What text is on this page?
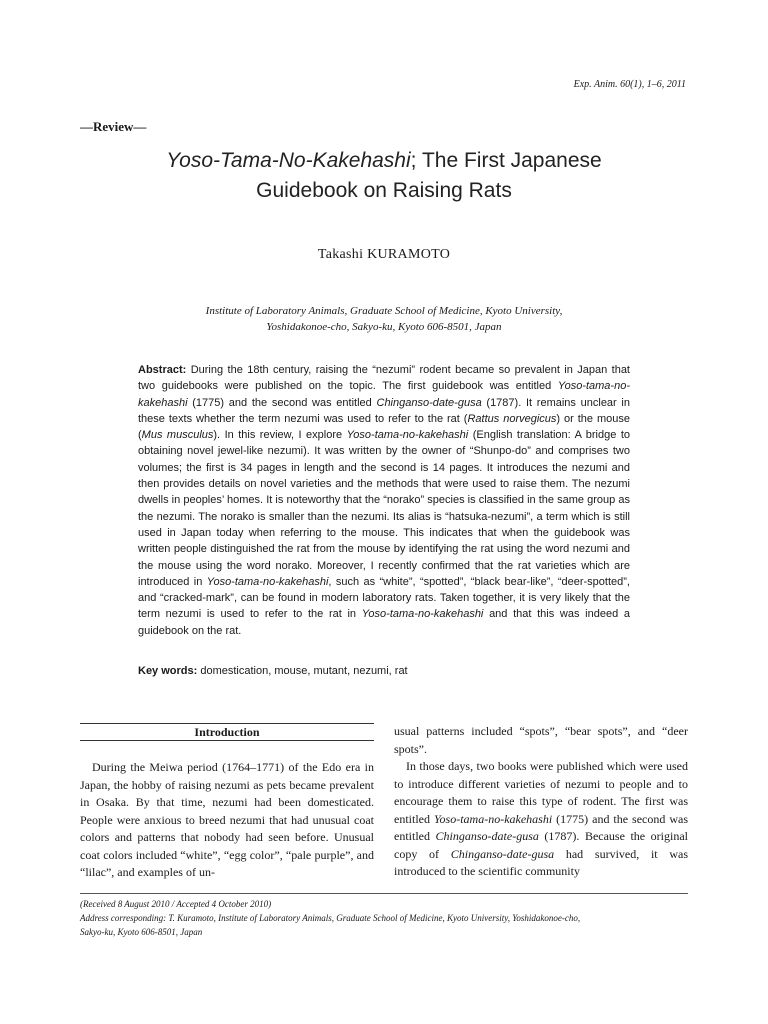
Exp. Anim. 60(1), 1–6, 2011
—Review—
Yoso-Tama-No-Kakehashi; The First Japanese
Guidebook on Raising Rats
Takashi KURAMOTO
Institute of Laboratory Animals, Graduate School of Medicine, Kyoto University,
Yoshidakonoe-cho, Sakyo-ku, Kyoto 606-8501, Japan
Abstract: During the 18th century, raising the “nezumi” rodent became so prevalent in Japan that two guidebooks were published on the topic. The first guidebook was entitled Yoso-tama-no-kakehashi (1775) and the second was entitled Chinganso-date-gusa (1787). It remains unclear in these texts whether the term nezumi was used to refer to the rat (Rattus norvegicus) or the mouse (Mus musculus). In this review, I explore Yoso-tama-no-kakehashi (English translation: A bridge to obtaining novel jewel-like nezumi). It was written by the owner of “Shunpo-do” and comprises two volumes; the first is 34 pages in length and the second is 14 pages. It introduces the nezumi and then provides details on novel varieties and the methods that were used to raise them. The nezumi dwells in peoples’ homes. It is noteworthy that the “norako” species is classified in the same group as the nezumi. The norako is smaller than the nezumi. Its alias is “hatsuka-nezumi”, a term which is still used in Japan today when referring to the mouse. This indicates that when the guidebook was written people distinguished the rat from the mouse by identifying the rat using the word nezumi and the mouse using the word norako. Moreover, I recently confirmed that the rat varieties which are introduced in Yoso-tama-no-kakehashi, such as “white”, “spotted”, “black bear-like”, “deer-spotted”, and “cracked-mark”, can be found in modern laboratory rats. Taken together, it is very likely that the term nezumi is used to refer to the rat in Yoso-tama-no-kakehashi and that this was indeed a guidebook on the rat.
Key words: domestication, mouse, mutant, nezumi, rat
Introduction

During the Meiwa period (1764–1771) of the Edo era in Japan, the hobby of raising nezumi as pets became prevalent in Osaka. By that time, nezumi had been domesticated. People were anxious to breed nezumi that had unusual coat colors and patterns that nobody had seen before. Unusual coat colors included “white”, “egg color”, “pale purple”, and “lilac”, and examples of un-

usual patterns included “spots”, “bear spots”, and “deer spots”.

In those days, two books were published which were used to introduce different varieties of nezumi to people and to encourage them to raise this type of rodent. The first was entitled Yoso-tama-no-kakehashi (1775) and the second was entitled Chinganso-date-gusa (1787). Because the original copy of Chinganso-date-gusa had survived, it was introduced to the scientific community

(Received 8 August 2010 / Accepted 4 October 2010)
Address corresponding: T. Kuramoto, Institute of Laboratory Animals, Graduate School of Medicine, Kyoto University, Yoshidakonoe-cho,
Sakyo-ku, Kyoto 606-8501, Japan
